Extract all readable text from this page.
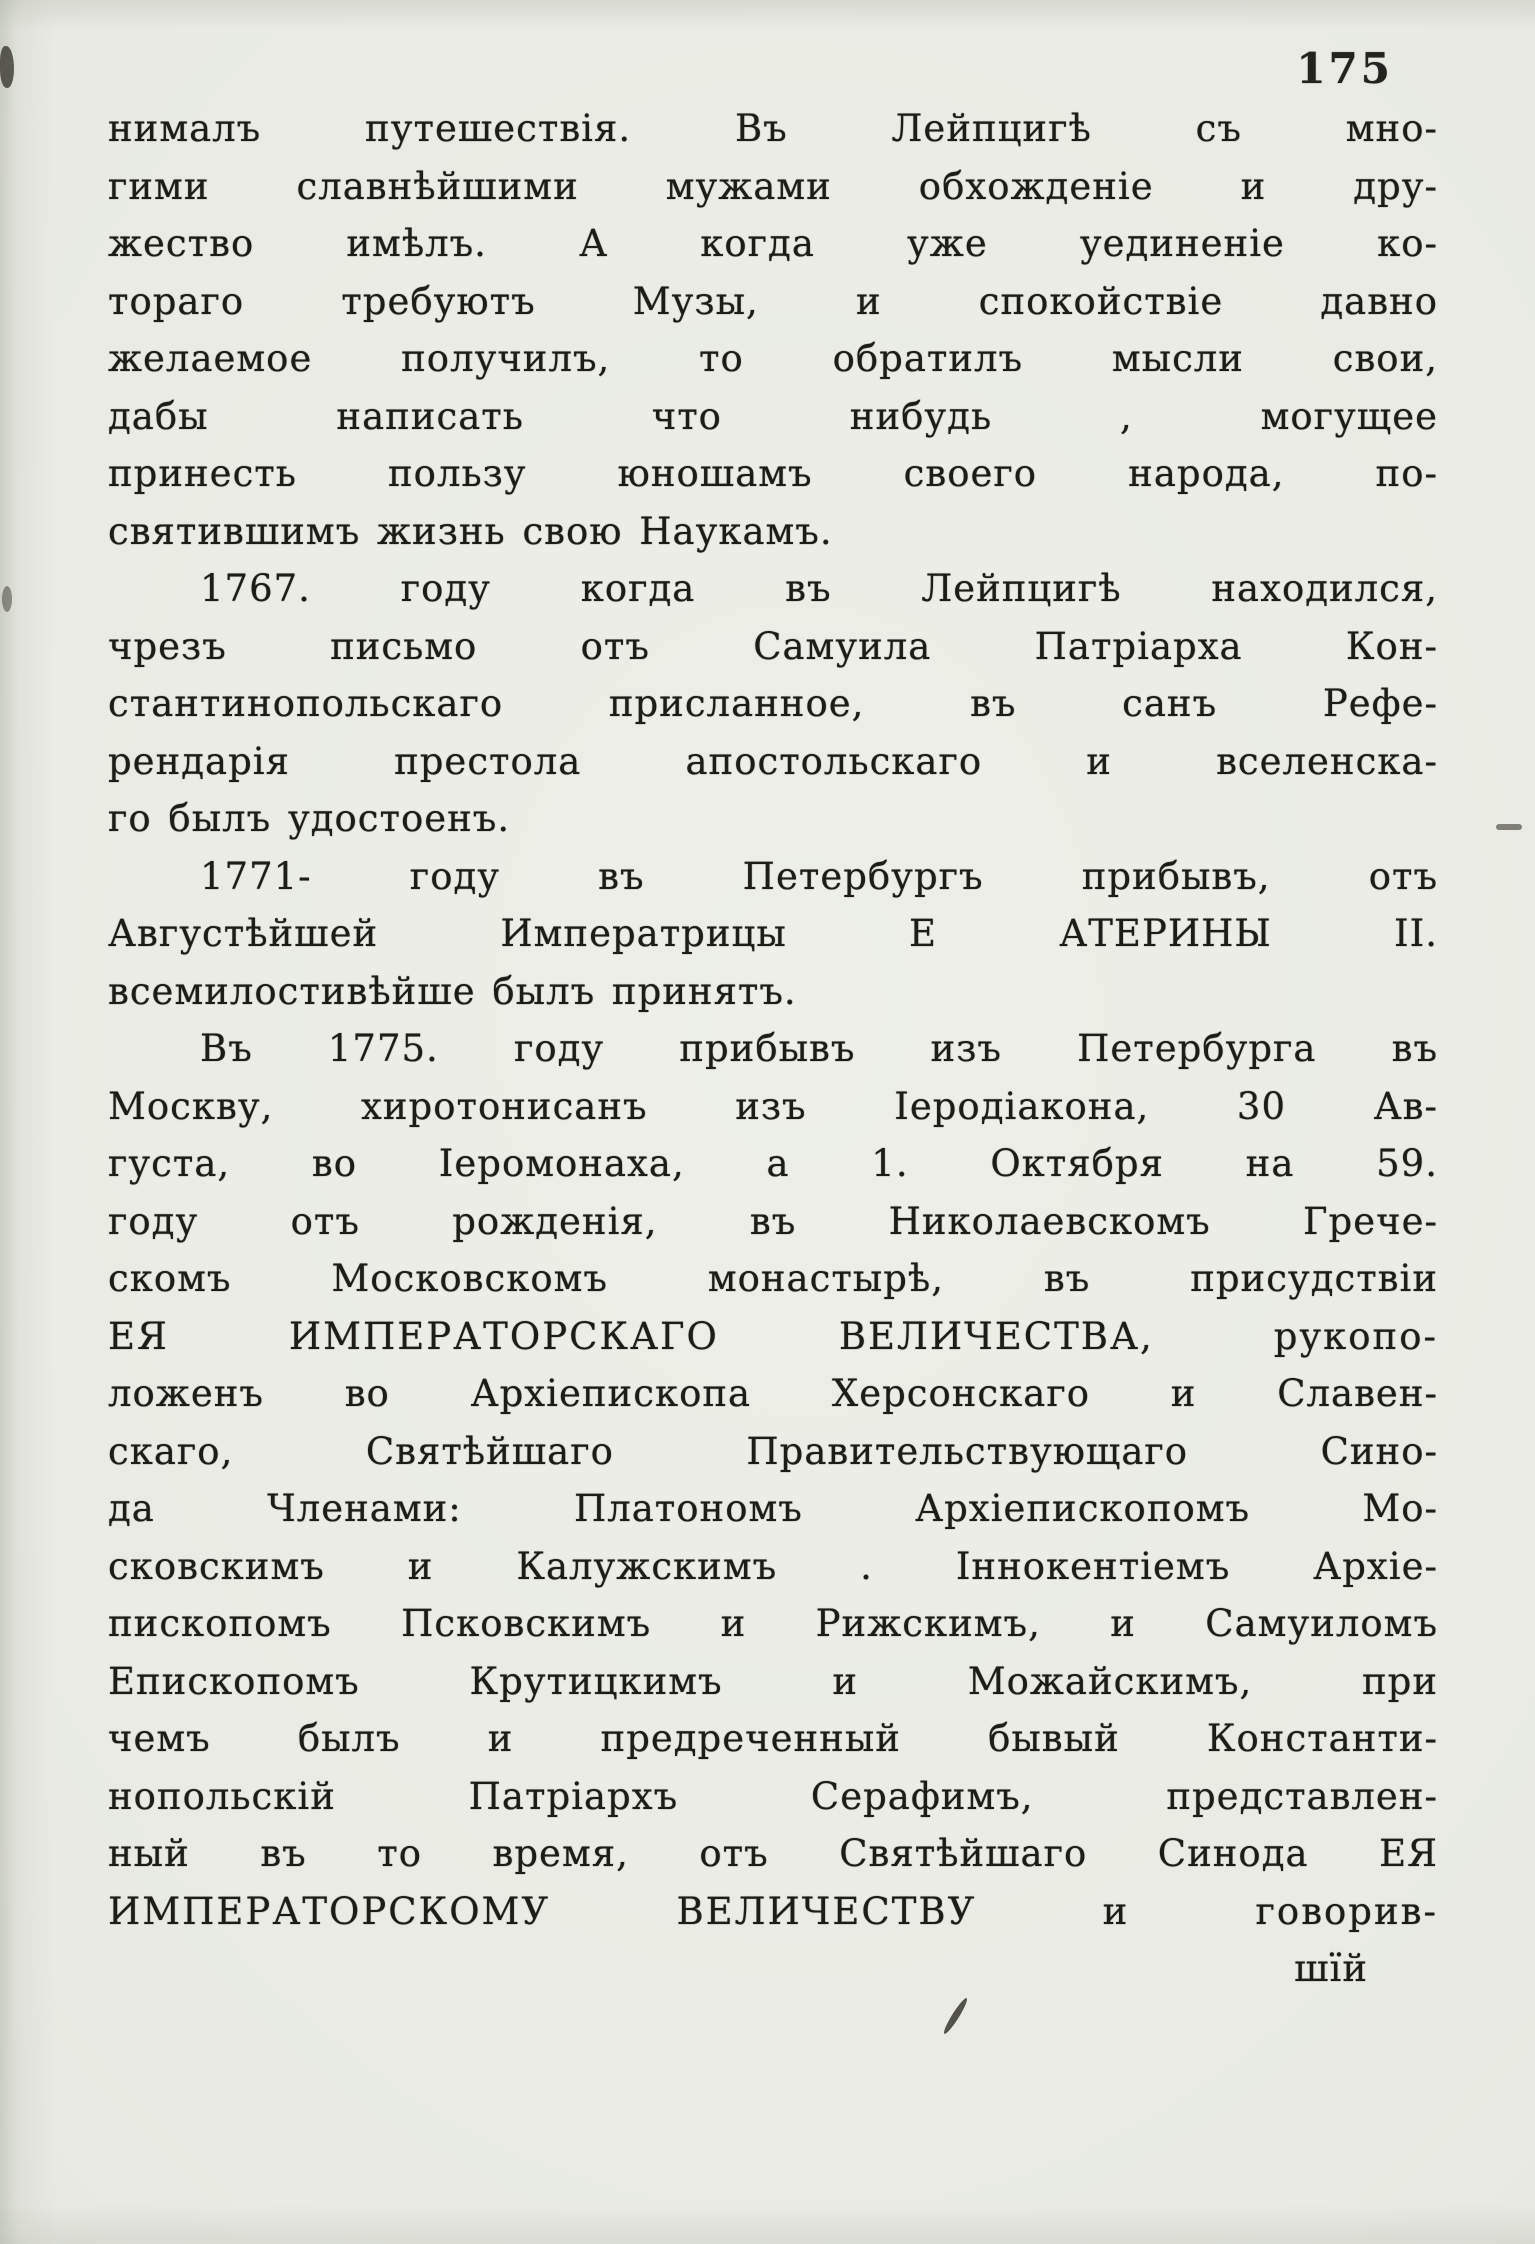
175
нималъ путешествія. Въ Лейпцигѣ съ мно-
гими славнѣйшими мужами обхожденіе и дру-
жество имѣлъ. А когда уже уединеніе ко-
тораго требуютъ Музы, и спокойствіе давно
желаемое получилъ, то обратилъ мысли свои,
дабы написать что нибудь , могущее
принесть пользу юношамъ своего народа, по-
святившимъ жизнь свою Наукамъ.
1767. году когда въ Лейпцигѣ находился,
чрезъ письмо отъ Самуила Патріарха Кон-
стантинопольскаго присланное, въ санъ Рефе-
рендарія престола апостольскаго и вселенска-
го былъ удостоенъ.
1771- году въ Петербургъ прибывъ, отъ
Августѣйшей Императрицы Е АТЕРИНЫ II.
всемилостивѣйше былъ принятъ.
Въ 1775. году прибывъ изъ Петербурга въ
Москву, хиротонисанъ изъ Іеродіакона, 30 Ав-
густа, во Іеромонаха, а 1. Октября на 59.
году отъ рожденія, въ Николаевскомъ Грече-
скомъ Московскомъ монастырѣ, въ присудствіи
ЕЯ ИМПЕРАТОРСКАГО ВЕЛИЧЕСТВА, рукопо-
ложенъ во Архіепископа Херсонскаго и Славен-
скаго, Святѣйшаго Правительствующаго Сино-
да Членами: Платономъ Архіепископомъ Мо-
сковскимъ и Калужскимъ . Іннокентіемъ Архіе-
пископомъ Псковскимъ и Рижскимъ, и Самуиломъ
Епископомъ Крутицкимъ и Можайскимъ, при
чемъ былъ и предреченный бывый Константи-
нопольскій Патріархъ Серафимъ, представлен-
ный въ то время, отъ Святѣйшаго Синода ЕЯ
ИМПЕРАТОРСКОМУ ВЕЛИЧЕСТВУ и говорив-
шїй
